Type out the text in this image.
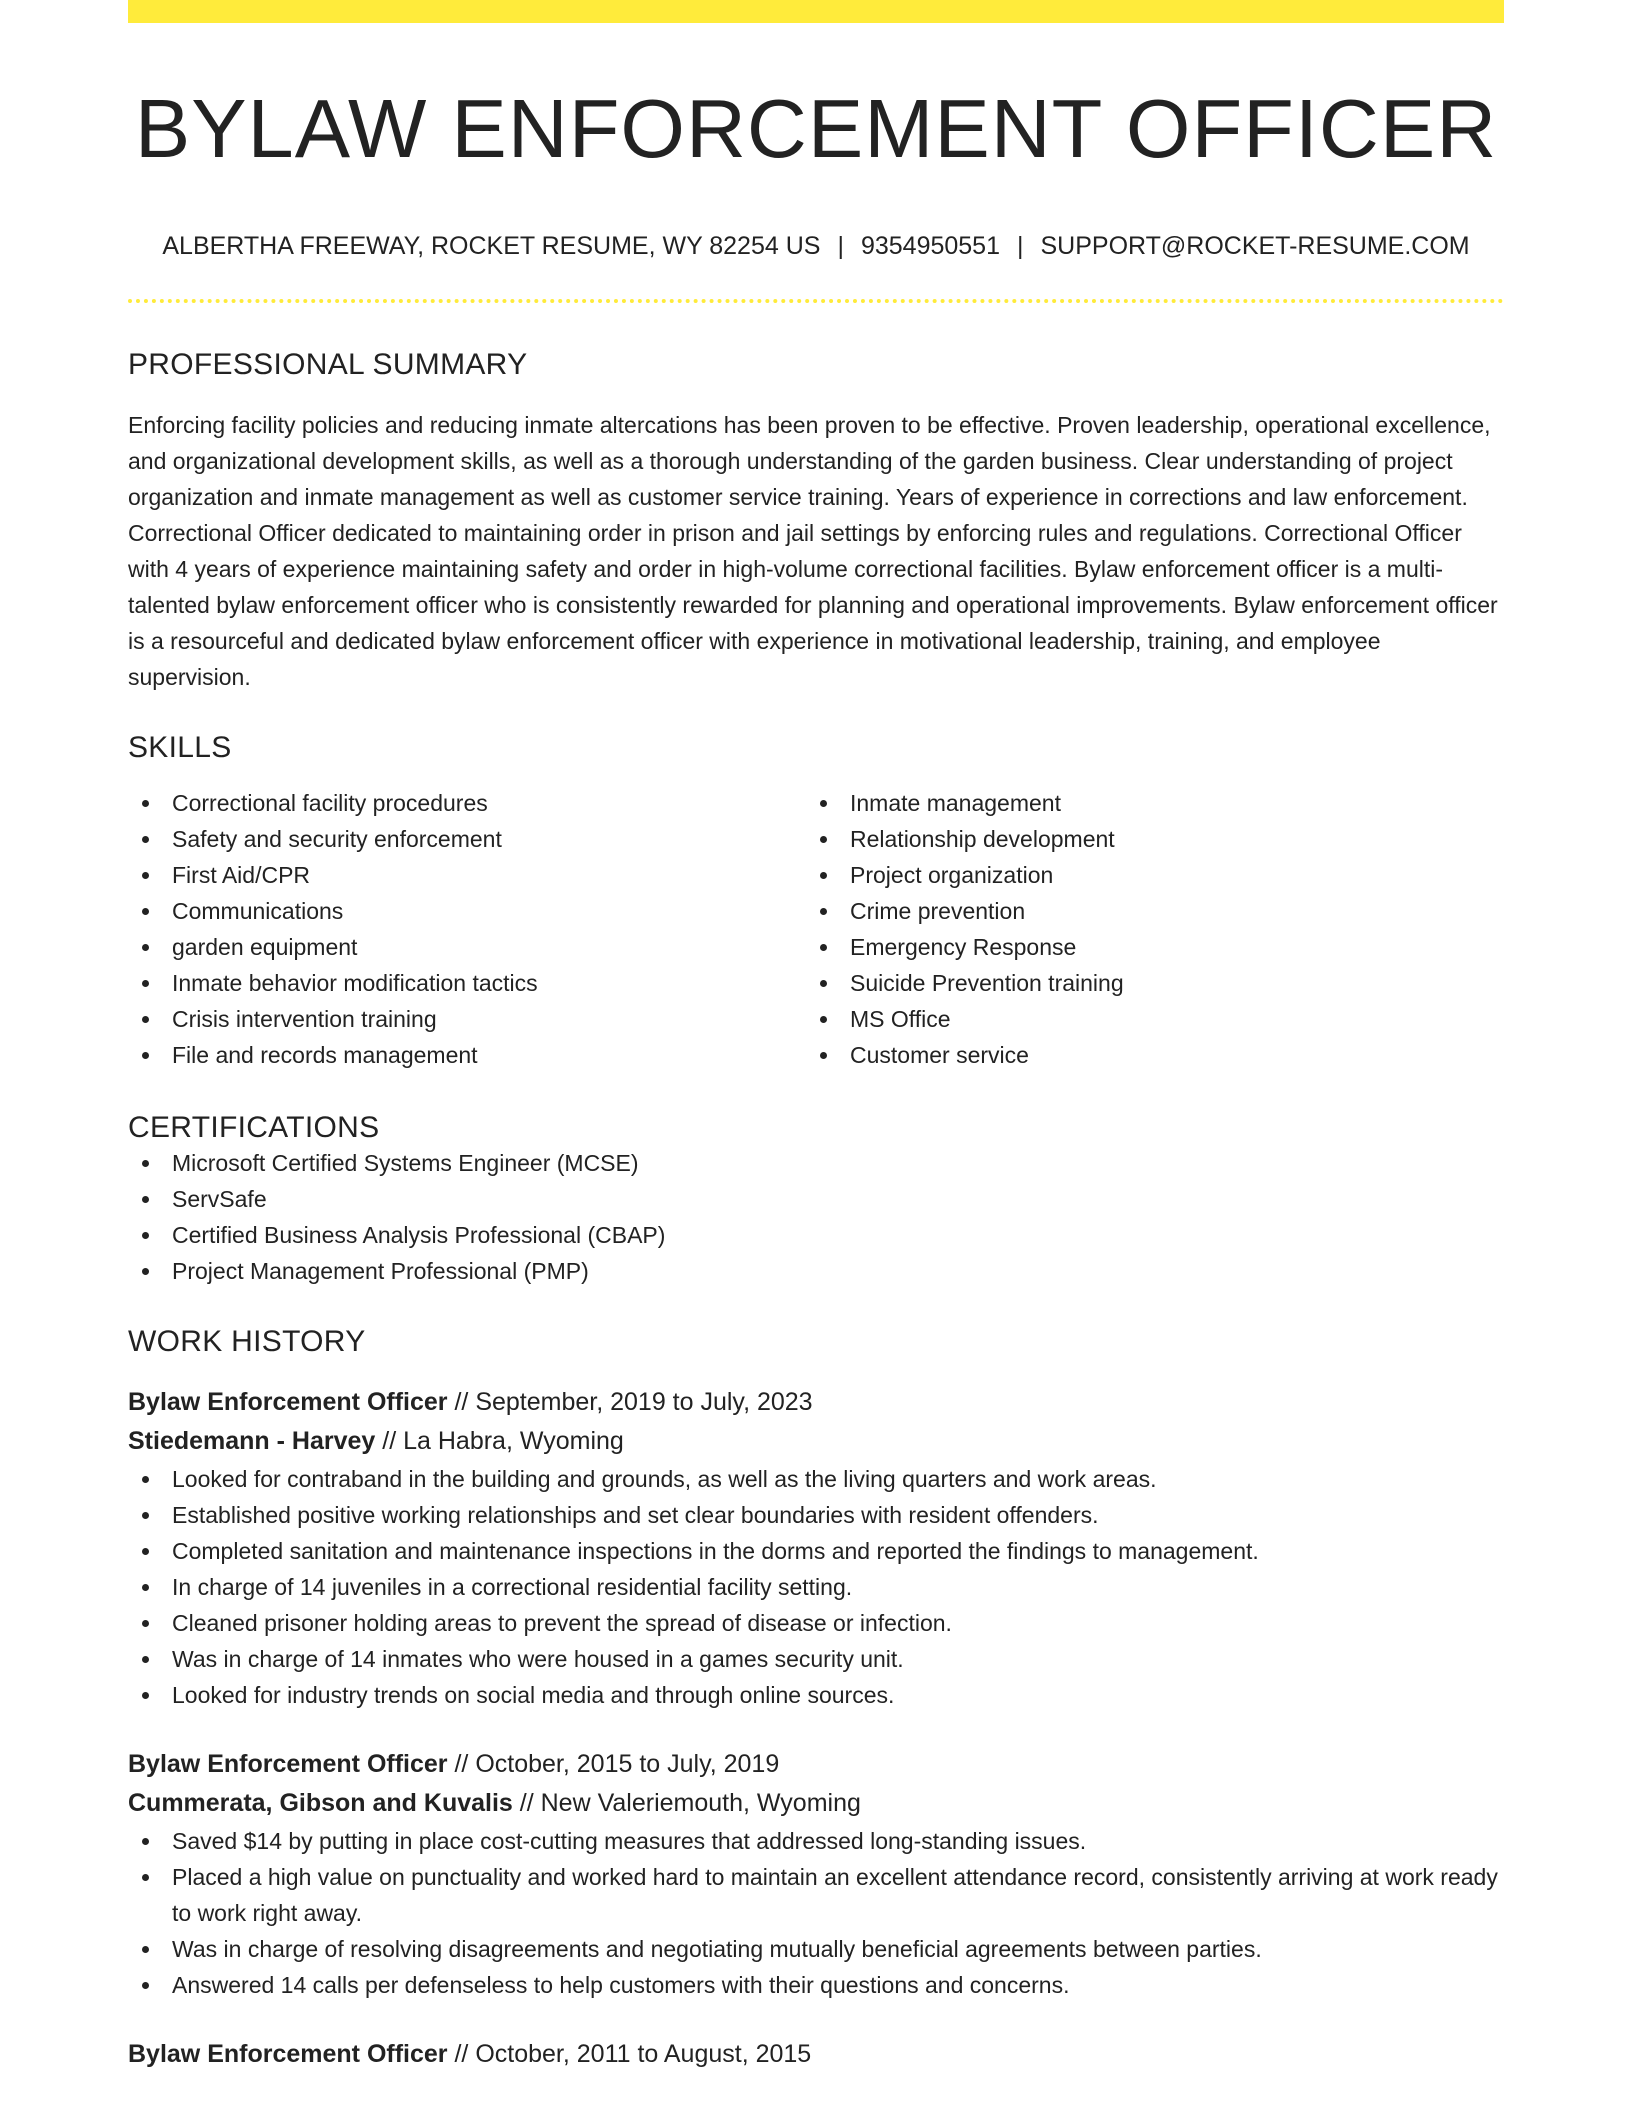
BYLAW ENFORCEMENT OFFICER
ALBERTHA FREEWAY, ROCKET RESUME, WY 82254 US | 9354950551 | SUPPORT@ROCKET-RESUME.COM
PROFESSIONAL SUMMARY

Enforcing facility policies and reducing inmate altercations has been proven to be effective. Proven leadership, operational excellence, and organizational development skills, as well as a thorough understanding of the garden business. Clear understanding of project organization and inmate management as well as customer service training. Years of experience in corrections and law enforcement. Correctional Officer dedicated to maintaining order in prison and jail settings by enforcing rules and regulations. Correctional Officer with 4 years of experience maintaining safety and order in high-volume correctional facilities. Bylaw enforcement officer is a multi-talented bylaw enforcement officer who is consistently rewarded for planning and operational improvements. Bylaw enforcement officer is a resourceful and dedicated bylaw enforcement officer with experience in motivational leadership, training, and employee supervision.

SKILLS
Correctional facility procedures
Safety and security enforcement
First Aid/CPR
Communications
garden equipment
Inmate behavior modification tactics
Crisis intervention training
File and records management
Inmate management
Relationship development
Project organization
Crime prevention
Emergency Response
Suicide Prevention training
MS Office
Customer service
CERTIFICATIONS
Microsoft Certified Systems Engineer (MCSE)
ServSafe
Certified Business Analysis Professional (CBAP)
Project Management Professional (PMP)
WORK HISTORY
Bylaw Enforcement Officer // September, 2019 to July, 2023
Stiedemann - Harvey // La Habra, Wyoming
Looked for contraband in the building and grounds, as well as the living quarters and work areas.
Established positive working relationships and set clear boundaries with resident offenders.
Completed sanitation and maintenance inspections in the dorms and reported the findings to management.
In charge of 14 juveniles in a correctional residential facility setting.
Cleaned prisoner holding areas to prevent the spread of disease or infection.
Was in charge of 14 inmates who were housed in a games security unit.
Looked for industry trends on social media and through online sources.
Bylaw Enforcement Officer // October, 2015 to July, 2019
Cummerata, Gibson and Kuvalis // New Valeriemouth, Wyoming
Saved $14 by putting in place cost-cutting measures that addressed long-standing issues.
Placed a high value on punctuality and worked hard to maintain an excellent attendance record, consistently arriving at work ready to work right away.
Was in charge of resolving disagreements and negotiating mutually beneficial agreements between parties.
Answered 14 calls per defenseless to help customers with their questions and concerns.
Bylaw Enforcement Officer // October, 2011 to August, 2015
